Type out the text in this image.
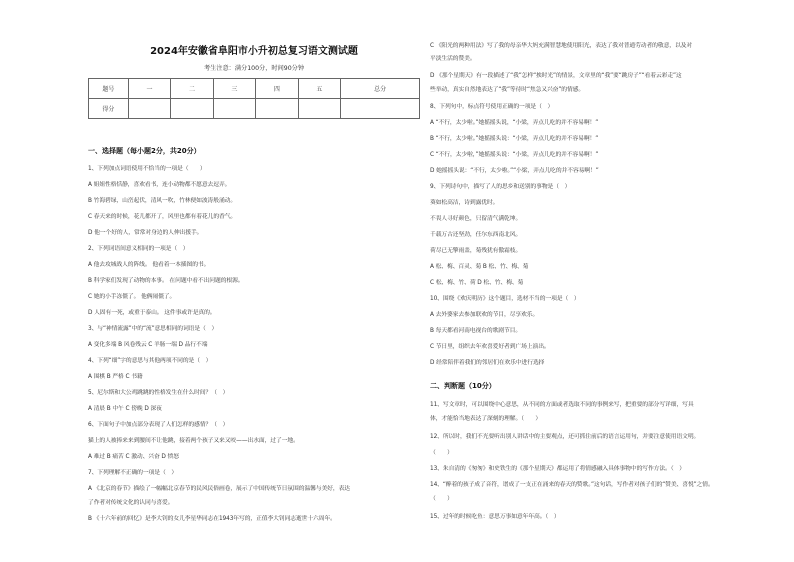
2024年安徽省阜阳市小升初总复习语文测试题
考生注意：满分100分，时间90分钟
题号	一	二	三	四	五	总分
得分						
一、选择题（每小题2分，共20分）
1、下列加点词语使用不恰当的一项是（　　）
A 姐姐性格恬静，喜欢看书，连小动物都不愿意去逗弄。
B 竹海碧绿，山峦起伏，清风一吹，竹林便如波涛般涌动。
C 春天来的时候，花儿都开了，风里也都有着花儿的香气。
D 他一个好的人，常常对身边的人伸出援手。
2、下列词语间意义相同的一项是（　）
A 他去攻城战人的阵线。 他看着一本插图的书。
B 科学家们发现了动物的本事。 在问题中看不出问题的根源。
C 她的小手冻僵了。 他俩闹僵了。
D 人固有一死，或重于泰山。 这件事或许是真的。
3、与“神情流露”中的“流”意思相同的词语是（　）
A 变化多端 B 风卷残云 C 羊肠一端 D 品行不端
4、下列“细”字的意思与其他两项不同的是（　）
A 围棋 B 严格 C 书籍
5、尼尔斯和大公鸡跳跳的性格发生在什么时间？（　）
A 清晨 B 中午 C 傍晚 D 深夜
6、下面句子中加点部分表现了人们怎样的感情？（　）
猫上的人被捧来来到腰间不让他跳，接着两个孩子又来又咬——出水面，过了一地。
A 难过 B 痛苦 C 激动、兴奋 D 愤怒
7、下列理解不正确的一项是（　）
A 《北京的春节》描绘了一幅幅北京春节的民风民俗画卷，展示了中国传统节日氛围的温馨与美好，表达
了作者对传统文化的认同与喜爱。
B 《十六年前的回忆》是李大钊的女儿李星华同志在1943年写的，正值李大钊同志逝世十六周年。
C 《阳光的两种用法》写了我的母亲华大妈充满智慧地使用阳光，表达了我对普通劳动者的敬意，以及对
平淡生活的赞美。
D 《那个星期天》有一段描述了“我”怎样“挨时光”的情景，文章里的“我”要“跳房子”“看着云彩走”这
些举动，真实自然地表达了“我”等待时“焦急又兴奋”的情感。
8、下列句中，标点符号使用正确的一项是（　）
A “不行，太少啦。”她摇摇头说，“小梁，弄点儿吃的并不容易啊！”
B “不行，太少啦。”她摇摇头说：“小梁，弄点儿吃的并不容易啊！”
C “不行，太少啦，”她摇摇头说：“小梁，弄点儿吃的并不容易啊！”
D 她摇摇头说：“不行，太少啦。”“小梁，弄点儿吃的并不容易啊！”
9、下列诗句中，描写了人的思乡和送别的事物是（　）
葵如松高洁，诗到露优时。
不畏人寻好颜色，只留清气满乾坤。
千载万古还坚劲，任尔东西南北风。
荷尽已无擎雨盖，菊残犹有傲霜枝。
A 松、梅、百灵、菊 B 松、竹、梅、菊
C 松、梅、竹、荷 D 松、竹、梅、菊
10、围绕《欢庆明历》这个题目，选材不当的一项是（　）
A 去外婆家去参加联欢的节目，尽享欢乐。
B 每天都看河南电视台的歌剧节目。
C 节日里，组织去年欢喜爱好者到广场上演出。
D 经常陪伴着我们的邻居们在欢乐中进行选择
二、判断题（10分）
11、写文章时，可以围绕中心意思，从不同的方面或者选取不同的事例来写，把重要的部分写详细，写具
体，才能恰当地表达了深刻的理解。（　　）
12、所以时，我们不光要听出别人讲话中的主要观点，还可抓住前后的语言运用句，并要注意使用语文明。
（　　）
13、朱自清的《匆匆》和史铁生的《那个星期天》都运用了将情感融入具体事物中的写作方法。（　）
14、“醉着的孩子成了音符，谱成了一支正在涌来的春天的赞歌。”这句话，写作者对孩子们的“赞美、喜悦”之情。
（　　）
15、过年的时候吃鱼：意思万事如意年年高。（　）
